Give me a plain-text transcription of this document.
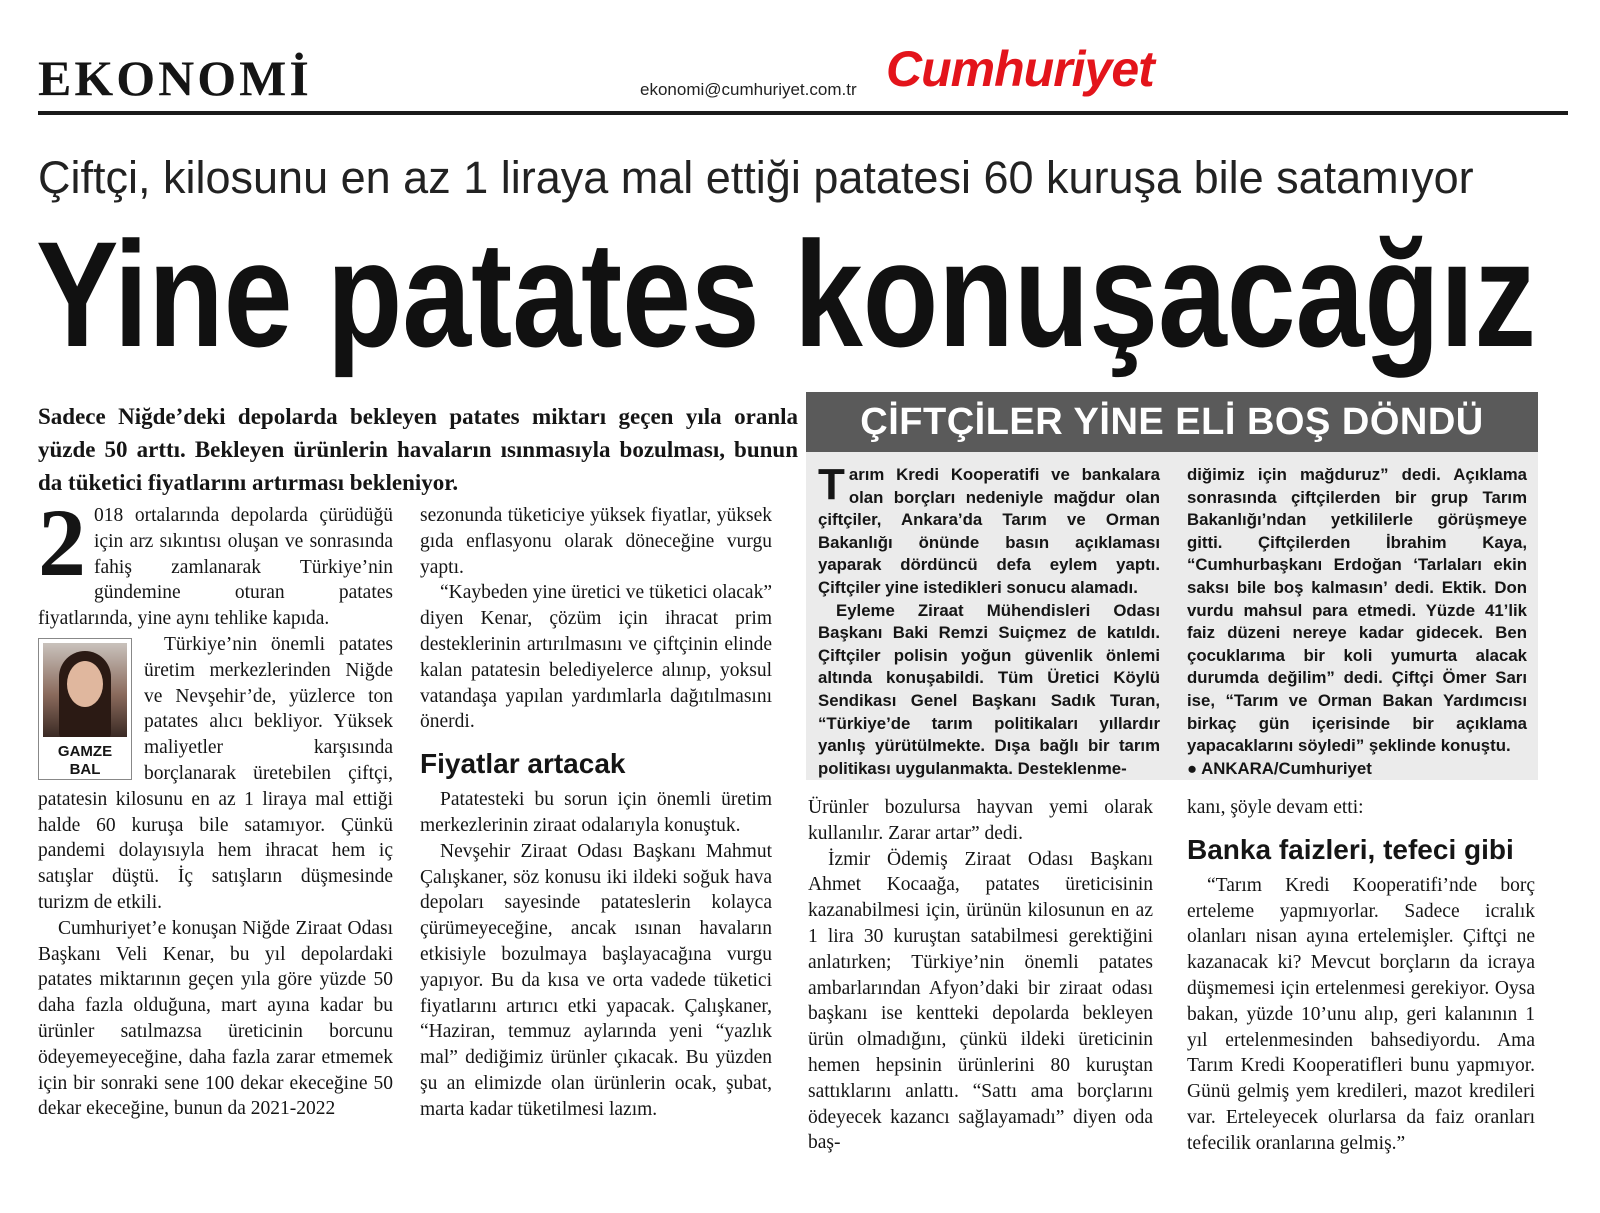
EKONOMİ	ekonomi@cumhuriyet.com.tr Cumhuriyet
Çiftçi, kilosunu en az 1 liraya mal ettiği patatesi 60 kuruşa bile satamıyor
Yine patates konuşacağız
Sadece Niğde’deki depolarda bekleyen patates miktarı geçen yıla oranla yüzde 50 arttı. Bekleyen ürünlerin havaların ısınmasıyla bozulması, bunun da tüketici fiyatlarını artırması bekleniyor.
2 018 ortalarında depolarda çürüdüğü için arz sıkıntısı oluşan ve sonrasında fahiş zamlanarak Türkiye’nin gündemine oturan patates fiyatlarında, yine aynı tehlike kapıda.

GAMZE
BAL

Türkiye’nin önemli patates üretim merkezlerinden Niğde ve Nevşehir’de, yüzlerce ton patates alıcı bekliyor. Yüksek maliyetler karşısında borçlanarak üretebilen çiftçi, patatesin kilosunu en az 1 liraya mal ettiği halde 60 kuruşa bile satamıyor. Çünkü pandemi dolayısıyla hem ihracat hem iç satışlar düştü. İç satışların düşmesinde turizm de etkili.

Cumhuriyet’e konuşan Niğde Ziraat Odası Başkanı Veli Kenar, bu yıl depolardaki patates miktarının geçen yıla göre yüzde 50 daha fazla olduğuna, mart ayına kadar bu ürünler satılmazsa üreticinin borcunu ödeyemeyeceğine, daha fazla zarar etmemek için bir sonraki sene 100 dekar ekeceğine 50 dekar ekeceğine, bunun da 2021-2022

sezonunda tüketiciye yüksek fiyatlar, yüksek gıda enflasyonu olarak döneceğine vurgu yaptı.

“Kaybeden yine üretici ve tüketici olacak” diyen Kenar, çözüm için ihracat prim desteklerinin artırılmasını ve çiftçinin elinde kalan patatesin belediyelerce alınıp, yoksul vatandaşa yapılan yardımlarla dağıtılmasını önerdi.

Fiyatlar artacak

Patatesteki bu sorun için önemli üretim merkezlerinin ziraat odalarıyla konuştuk.

Nevşehir Ziraat Odası Başkanı Mahmut Çalışkaner, söz konusu iki ildeki soğuk hava depoları sayesinde patateslerin kolayca çürümeyeceğine, ancak ısınan havaların etkisiyle bozulmaya başlayacağına vurgu yapıyor. Bu da kısa ve orta vadede tüketici fiyatlarını artırıcı etki yapacak. Çalışkaner, “Haziran, temmuz aylarında yeni “yazlık mal” dediğimiz ürünler çıkacak. Bu yüzden şu an elimizde olan ürünlerin ocak, şubat, marta kadar tüketilmesi lazım.

ÇİFTÇİLER YİNE ELİ BOŞ DÖNDÜ
T arım Kredi Kooperatifi ve bankalara olan borçları nedeniyle mağdur olan çiftçiler, Ankara’da Tarım ve Orman Bakanlığı önünde basın açıklaması yaparak dördüncü defa eylem yaptı. Çiftçiler yine istedikleri sonucu alamadı.

Eyleme Ziraat Mühendisleri Odası Başkanı Baki Remzi Suiçmez de katıldı. Çiftçiler polisin yoğun güvenlik önlemi altında konuşabildi. Tüm Üretici Köylü Sendikası Genel Başkanı Sadık Turan, “Türkiye’de tarım politikaları yıllardır yanlış yürütülmekte. Dışa bağlı bir tarım politikası uygulanmakta. Desteklenme-

diğimiz için mağduruz” dedi. Açıklama sonrasında çiftçilerden bir grup Tarım Bakanlığı’ndan yetkililerle görüşmeye gitti. Çiftçilerden İbrahim Kaya, “Cumhurbaşkanı Erdoğan ‘Tarlaları ekin saksı bile boş kalmasın’ dedi. Ektik. Don vurdu mahsul para etmedi. Yüzde 41’lik faiz düzeni nereye kadar gidecek. Ben çocuklarıma bir koli yumurta alacak durumda değilim” dedi. Çiftçi Ömer Sarı ise, “Tarım ve Orman Bakan Yardımcısı birkaç gün içerisinde bir açıklama yapacaklarını söyledi” şeklinde konuştu.

● ANKARA/Cumhuriyet

Ürünler bozulursa hayvan yemi olarak kullanılır. Zarar artar” dedi.

İzmir Ödemiş Ziraat Odası Başkanı Ahmet Kocaağa, patates üreticisinin kazanabilmesi için, ürünün kilosunun en az 1 lira 30 kuruştan satabilmesi gerektiğini anlatırken; Türkiye’nin önemli patates ambarlarından Afyon’daki bir ziraat odası başkanı ise kentteki depolarda bekleyen ürün olmadığını, çünkü ildeki üreticinin hemen hepsinin ürünlerini 80 kuruştan sattıklarını anlattı. “Sattı ama borçlarını ödeyecek kazancı sağlayamadı” diyen oda baş-

kanı, şöyle devam etti:

Banka faizleri, tefeci gibi

“Tarım Kredi Kooperatifi’nde borç erteleme yapmıyorlar. Sadece icralık olanları nisan ayına ertelemişler. Çiftçi ne kazanacak ki? Mevcut borçların da icraya düşmemesi için ertelenmesi gerekiyor. Oysa bakan, yüzde 10’unu alıp, geri kalanının 1 yıl ertelenmesinden bahsediyordu. Ama Tarım Kredi Kooperatifleri bunu yapmıyor. Günü gelmiş yem kredileri, mazot kredileri var. Erteleyecek olurlarsa da faiz oranları tefecilik oranlarına gelmiş.”
